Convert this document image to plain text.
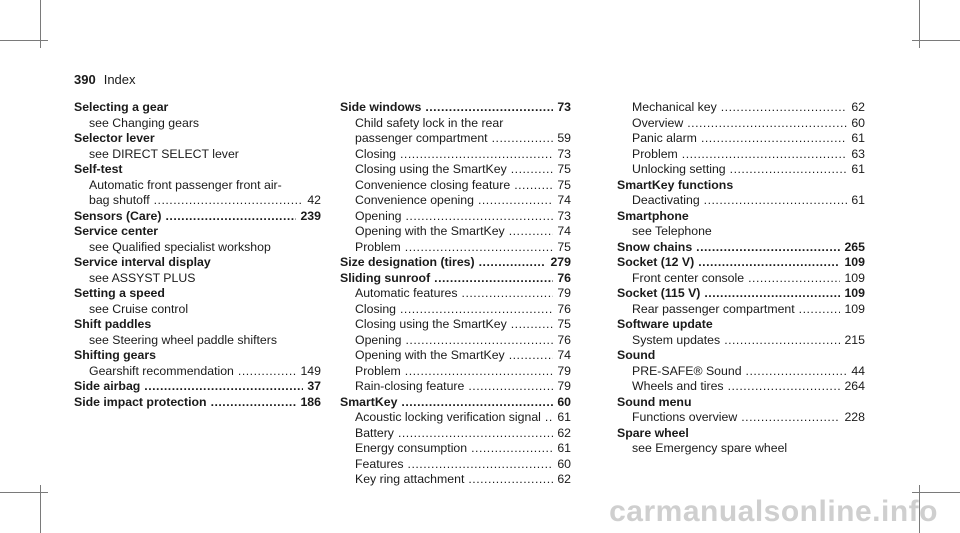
390 Index
Selecting a gear
see Changing gears
Selector lever
see DIRECT SELECT lever
Self-test
Automatic front passenger front air-
bag shutoff .....	42
Sensors (Care) .....	239
Service center
see Qualified specialist workshop
Service interval display
see ASSYST PLUS
Setting a speed
see Cruise control
Shift paddles
see Steering wheel paddle shifters
Shifting gears
Gearshift recommendation .....	149
Side airbag .....	37
Side impact protection .....	186
Side windows .....	73
Child safety lock in the rear
passenger compartment .....	59
Closing .....	73
Closing using the SmartKey .....	75
Convenience closing feature .....	75
Convenience opening .....	74
Opening .....	73
Opening with the SmartKey .....	74
Problem .....	75
Size designation (tires) .....	279
Sliding sunroof .....	76
Automatic features .....	79
Closing .....	76
Closing using the SmartKey .....	75
Opening .....	76
Opening with the SmartKey .....	74
Problem .....	79
Rain-closing feature .....	79
SmartKey .....	60
Acoustic locking verification signal ..... 61
Battery .....	62
Energy consumption .....	61
Features .....	60
Key ring attachment .....	62
Mechanical key .....	62
Overview .....	60
Panic alarm .....	61
Problem .....	63
Unlocking setting .....	61
SmartKey functions
Deactivating .....	61
Smartphone
see Telephone
Snow chains .....	265
Socket (12 V) .....	109
Front center console .....	109
Socket (115 V) .....	109
Rear passenger compartment .....	109
Software update
System updates .....	215
Sound
PRE-SAFE® Sound .....	44
Wheels and tires .....	264
Sound menu
Functions overview .....	228
Spare wheel
see Emergency spare wheel
carmanualsonline.info
